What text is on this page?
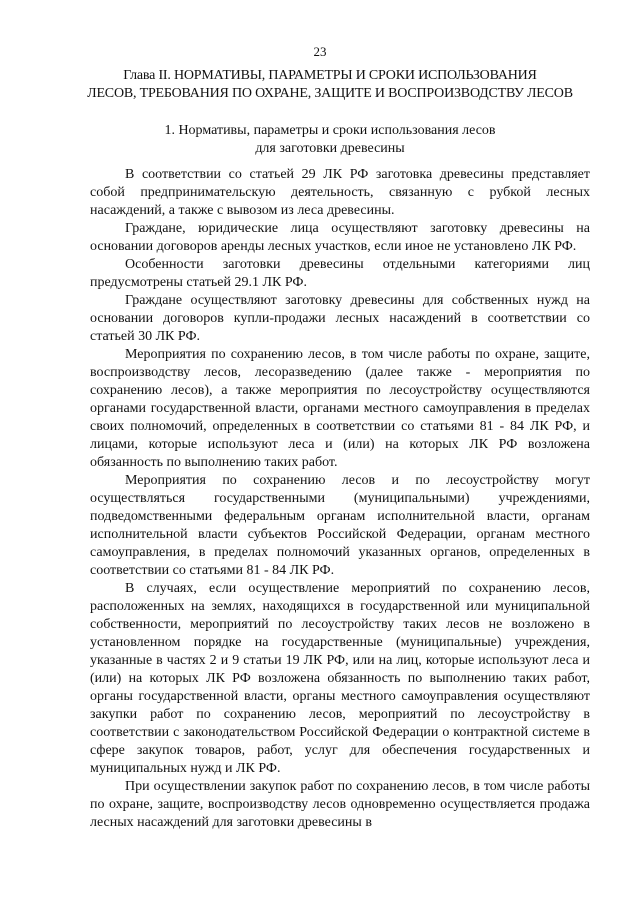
23
Глава II. НОРМАТИВЫ, ПАРАМЕТРЫ И СРОКИ ИСПОЛЬЗОВАНИЯ
ЛЕСОВ, ТРЕБОВАНИЯ ПО ОХРАНЕ, ЗАЩИТЕ И ВОСПРОИЗВОДСТВУ ЛЕСОВ
1. Нормативы, параметры и сроки использования лесов
для заготовки древесины

В соответствии со статьей 29 ЛК РФ заготовка древесины представляет собой предпринимательскую деятельность, связанную с рубкой лесных насаждений, а также с вывозом из леса древесины.

Граждане, юридические лица осуществляют заготовку древесины на основании договоров аренды лесных участков, если иное не установлено ЛК РФ.

Особенности заготовки древесины отдельными категориями лиц предусмотрены статьей 29.1 ЛК РФ.

Граждане осуществляют заготовку древесины для собственных нужд на основании договоров купли-продажи лесных насаждений в соответствии со статьей 30 ЛК РФ.

Мероприятия по сохранению лесов, в том числе работы по охране, защите, воспроизводству лесов, лесоразведению (далее также - мероприятия по сохранению лесов), а также мероприятия по лесоустройству осуществляются органами государственной власти, органами местного самоуправления в пределах своих полномочий, определенных в соответствии со статьями 81 - 84 ЛК РФ, и лицами, которые используют леса и (или) на которых ЛК РФ возложена обязанность по выполнению таких работ.

Мероприятия по сохранению лесов и по лесоустройству могут осуществляться государственными (муниципальными) учреждениями, подведомственными федеральным органам исполнительной власти, органам исполнительной власти субъектов Российской Федерации, органам местного самоуправления, в пределах полномочий указанных органов, определенных в соответствии со статьями 81 - 84 ЛК РФ.

В случаях, если осуществление мероприятий по сохранению лесов, расположенных на землях, находящихся в государственной или муниципальной собственности, мероприятий по лесоустройству таких лесов не возложено в установленном порядке на государственные (муниципальные) учреждения, указанные в частях 2 и 9 статьи 19 ЛК РФ, или на лиц, которые используют леса и (или) на которых ЛК РФ возложена обязанность по выполнению таких работ, органы государственной власти, органы местного самоуправления осуществляют закупки работ по сохранению лесов, мероприятий по лесоустройству в соответствии с законодательством Российской Федерации о контрактной системе в сфере закупок товаров, работ, услуг для обеспечения государственных и муниципальных нужд и ЛК РФ.

При осуществлении закупок работ по сохранению лесов, в том числе работы по охране, защите, воспроизводству лесов одновременно осуществляется продажа лесных насаждений для заготовки древесины в
